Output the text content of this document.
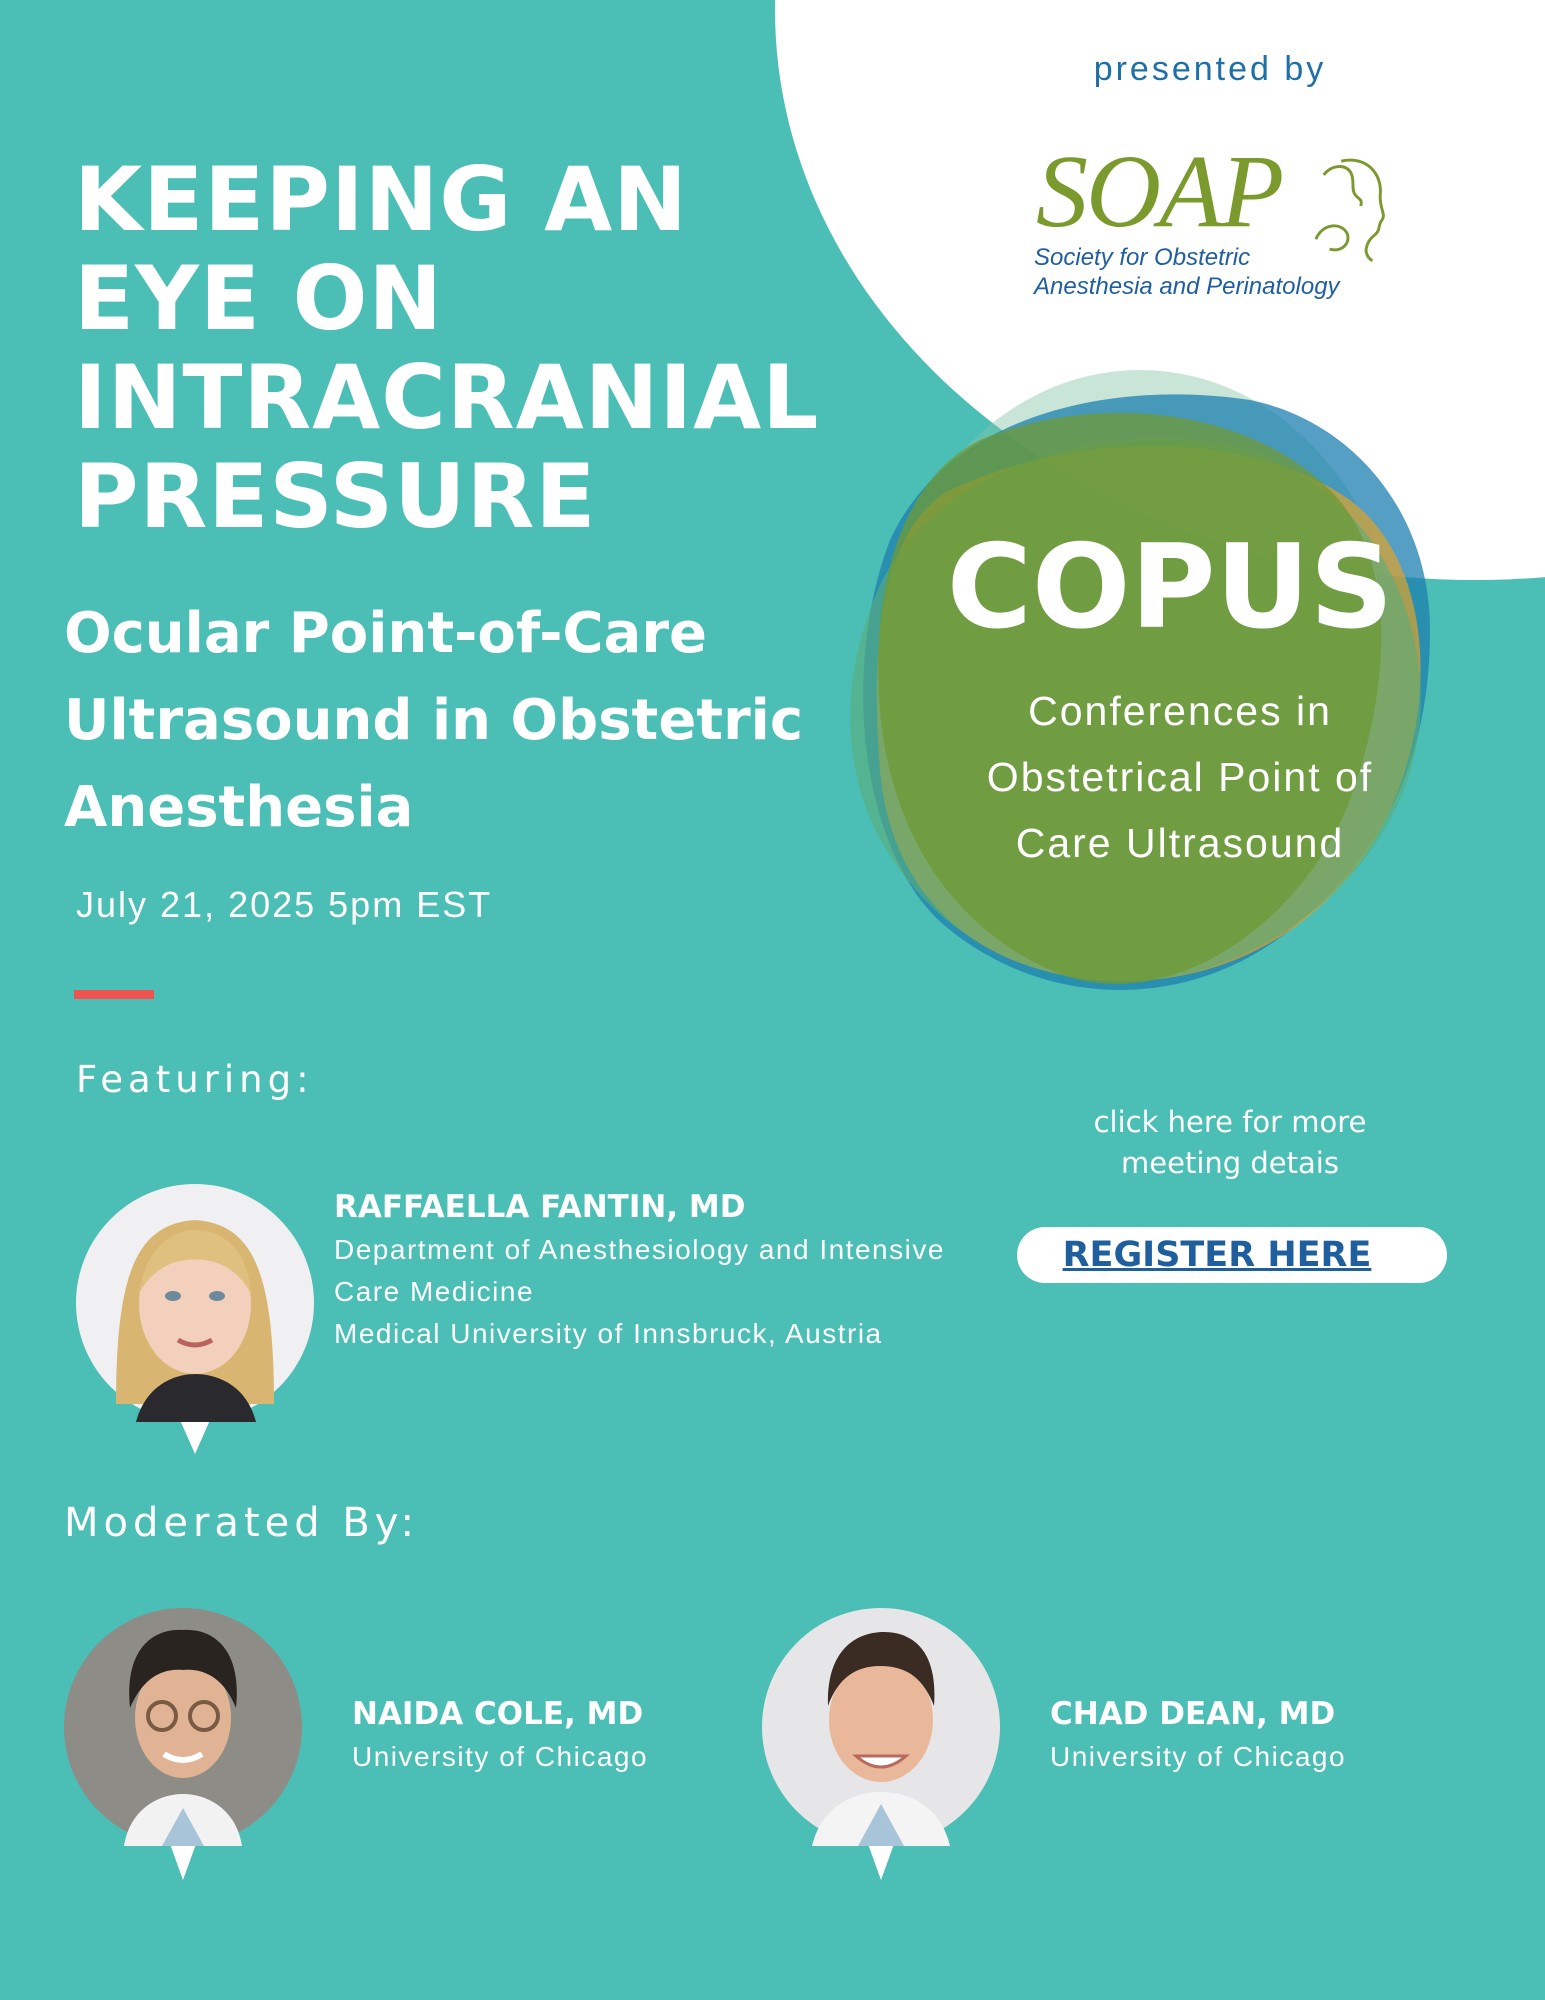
presented by
SOAP
Society for Obstetric
Anesthesia and Perinatology
KEEPING AN
EYE ON
INTRACRANIAL
PRESSURE
Ocular Point-of-Care
Ultrasound in Obstetric
Anesthesia
July 21, 2025 5pm EST
COPUS
Conferences in
Obstetrical Point of
Care Ultrasound
Featuring:
RAFFAELLA FANTIN, MD
Department of Anesthesiology and Intensive
Care Medicine
Medical University of Innsbruck, Austria
click here for more
meeting detais
REGISTER HERE
Moderated By:
NAIDA COLE, MD
University of Chicago
CHAD DEAN, MD
University of Chicago
